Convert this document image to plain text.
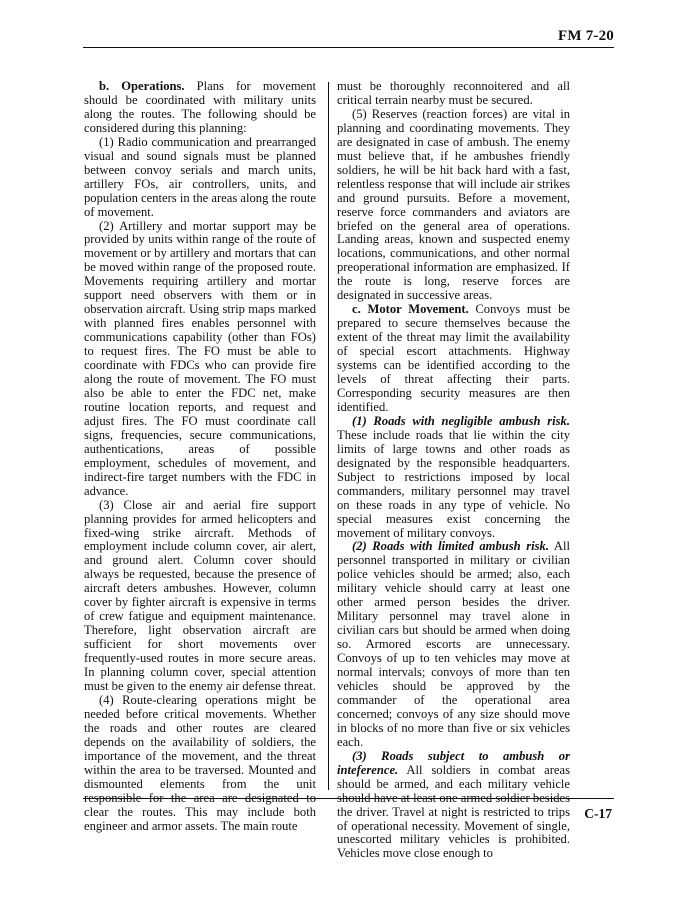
FM 7-20

b. Operations. Plans for movement should be coordinated with military units along the routes. The following should be considered during this planning:

(1) Radio communication and prearranged visual and sound signals must be planned between convoy serials and march units, artillery FOs, air controllers, units, and population centers in the areas along the route of movement.

(2) Artillery and mortar support may be provided by units within range of the route of movement or by artillery and mortars that can be moved within range of the proposed route. Movements requiring artillery and mortar support need observers with them or in observation aircraft. Using strip maps marked with planned fires enables personnel with communications capability (other than FOs) to request fires. The FO must be able to coordinate with FDCs who can provide fire along the route of movement. The FO must also be able to enter the FDC net, make routine location reports, and request and adjust fires. The FO must coordinate call signs, frequencies, secure communications, authentications, areas of possible employment, schedules of movement, and indirect-fire target numbers with the FDC in advance.

(3) Close air and aerial fire support planning provides for armed helicopters and fixed-wing strike aircraft. Methods of employment include column cover, air alert, and ground alert. Column cover should always be requested, because the presence of aircraft deters ambushes. However, column cover by fighter aircraft is expensive in terms of crew fatigue and equipment maintenance. Therefore, light observation aircraft are sufficient for short movements over frequently-used routes in more secure areas. In planning column cover, special attention must be given to the enemy air defense threat.

(4) Route-clearing operations might be needed before critical movements. Whether the roads and other routes are cleared depends on the availability of soldiers, the importance of the movement, and the threat within the area to be traversed. Mounted and dismounted elements from the unit responsible for the area are designated to clear the routes. This may include both engineer and armor assets. The main route

must be thoroughly reconnoitered and all critical terrain nearby must be secured.

(5) Reserves (reaction forces) are vital in planning and coordinating movements. They are designated in case of ambush. The enemy must believe that, if he ambushes friendly soldiers, he will be hit back hard with a fast, relentless response that will include air strikes and ground pursuits. Before a movement, reserve force commanders and aviators are briefed on the general area of operations. Landing areas, known and suspected enemy locations, communications, and other normal preoperational information are emphasized. If the route is long, reserve forces are designated in successive areas.

c. Motor Movement. Convoys must be prepared to secure themselves because the extent of the threat may limit the availability of special escort attachments. Highway systems can be identified according to the levels of threat affecting their parts. Corresponding security measures are then identified.

(1) Roads with negligible ambush risk. These include roads that lie within the city limits of large towns and other roads as designated by the responsible headquarters. Subject to restrictions imposed by local commanders, military personnel may travel on these roads in any type of vehicle. No special measures exist concerning the movement of military convoys.

(2) Roads with limited ambush risk. All personnel transported in military or civilian police vehicles should be armed; also, each military vehicle should carry at least one other armed person besides the driver. Military personnel may travel alone in civilian cars but should be armed when doing so. Armored escorts are unnecessary. Convoys of up to ten vehicles may move at normal intervals; convoys of more than ten vehicles should be approved by the commander of the operational area concerned; convoys of any size should move in blocks of no more than five or six vehicles each.

(3) Roads subject to ambush or inteference. All soldiers in combat areas should be armed, and each military vehicle should have at least one armed soldier besides the driver. Travel at night is restricted to trips of operational necessity. Movement of single, unescorted military vehicles is prohibited. Vehicles move close enough to

C-17
